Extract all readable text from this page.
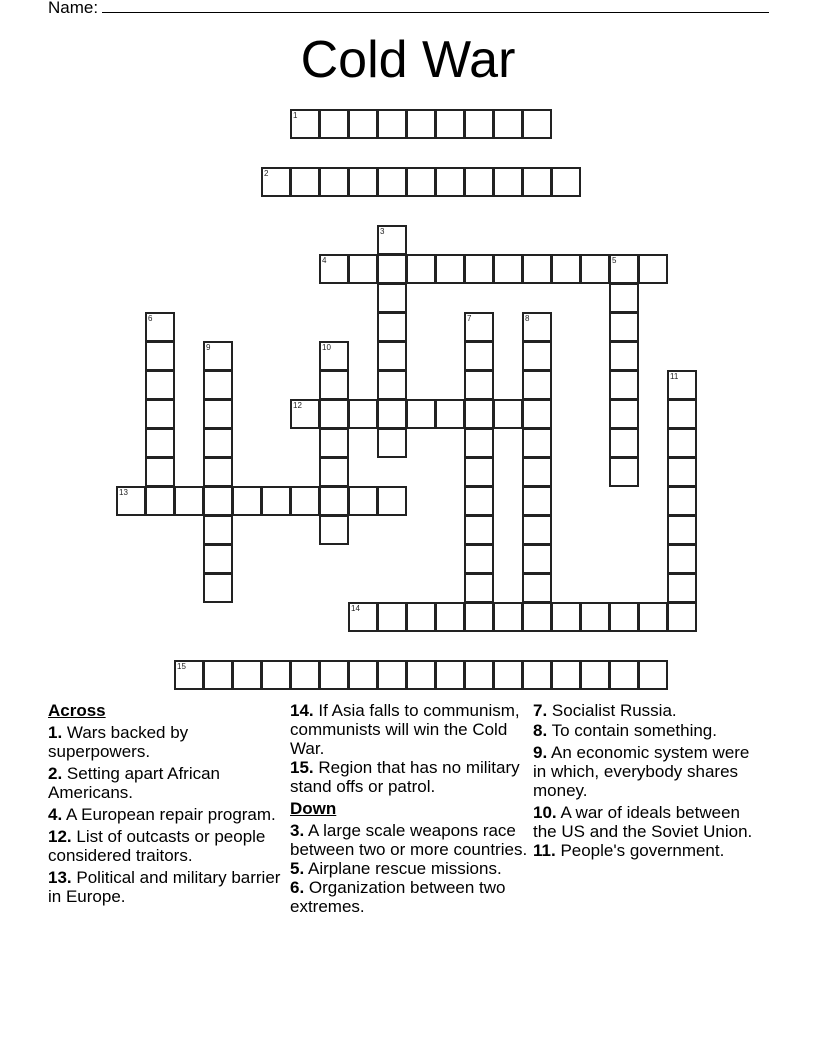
Name:
Cold War
1
2
4	5
12
13
14
15
3
6	7	8
9	10
11
Across
1. Wars backed by superpowers.
2. Setting apart African Americans.
4. A European repair program.
12. List of outcasts or people considered traitors.
13. Political and military barrier in Europe.
14. If Asia falls to communism, communists will win the Cold War.
15. Region that has no military stand offs or patrol.
Down
3. A large scale weapons race between two or more countries.
5. Airplane rescue missions.
6. Organization between two extremes.
7. Socialist Russia.
8. To contain something.
9. An economic system were in which, everybody shares money.
10. A war of ideals between the US and the Soviet Union.
11. People's government.
